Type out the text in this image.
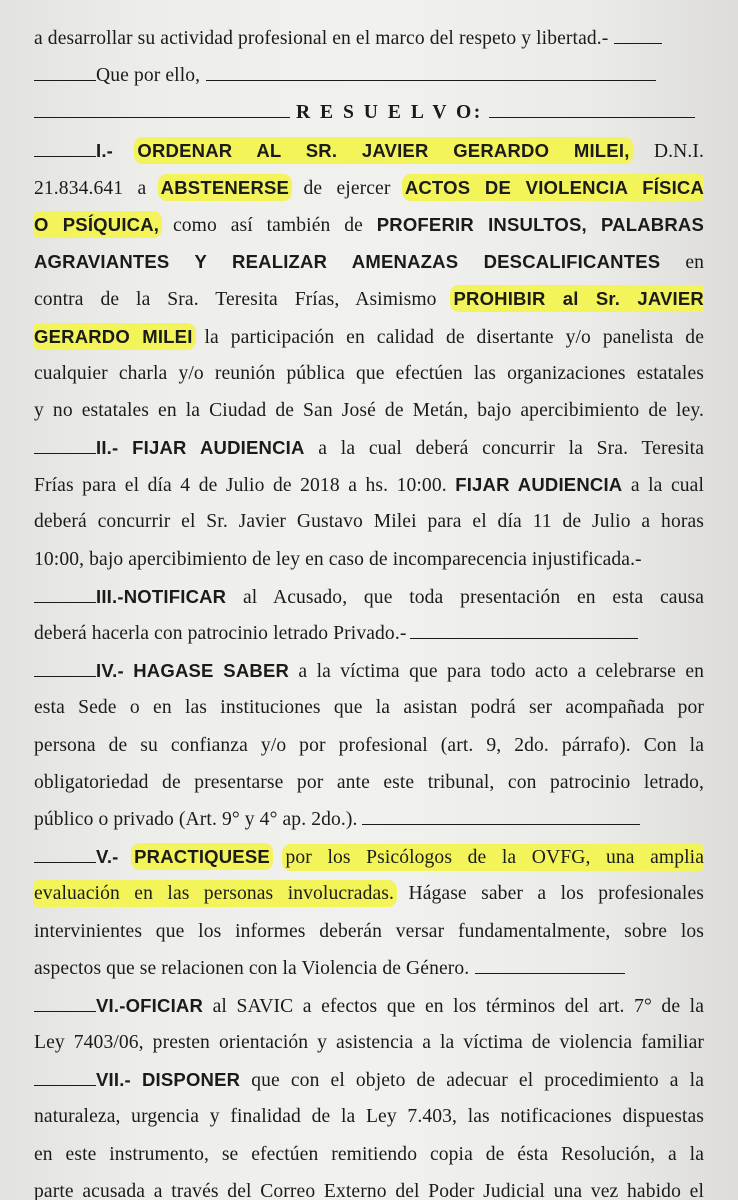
a desarrollar su actividad profesional en el marco del respeto y libertad.-
Que por ello,
R E S U E L V O:
I.- ORDENAR AL SR. JAVIER GERARDO MILEI, D.N.I.
21.834.641 a ABSTENERSE de ejercer ACTOS DE VIOLENCIA FÍSICA
O PSÍQUICA, como así también de PROFERIR INSULTOS, PALABRAS
AGRAVIANTES Y REALIZAR AMENAZAS DESCALIFICANTES en
contra de la Sra. Teresita Frías, Asimismo PROHIBIR al Sr. JAVIER
GERARDO MILEI la participación en calidad de disertante y/o panelista de
cualquier charla y/o reunión pública que efectúen las organizaciones estatales
y no estatales en la Ciudad de San José de Metán, bajo apercibimiento de ley.
II.- FIJAR AUDIENCIA a la cual deberá concurrir la Sra. Teresita
Frías para el día 4 de Julio de 2018 a hs. 10:00. FIJAR AUDIENCIA a la cual
deberá concurrir el Sr. Javier Gustavo Milei para el día 11 de Julio a horas
10:00, bajo apercibimiento de ley en caso de incomparecencia injustificada.-
III.-NOTIFICAR al Acusado, que toda presentación en esta causa
deberá hacerla con patrocinio letrado Privado.-
IV.- HAGASE SABER a la víctima que para todo acto a celebrarse en
esta Sede o en las instituciones que la asistan podrá ser acompañada por
persona de su confianza y/o por profesional (art. 9, 2do. párrafo). Con la
obligatoriedad de presentarse por ante este tribunal, con patrocinio letrado,
público o privado (Art. 9° y 4° ap. 2do.).
V.- PRACTIQUESE por los Psicólogos de la OVFG, una amplia
evaluación en las personas involucradas. Hágase saber a los profesionales
intervinientes que los informes deberán versar fundamentalmente, sobre los
aspectos que se relacionen con la Violencia de Género.
VI.-OFICIAR al SAVIC a efectos que en los términos del art. 7° de la
Ley 7403/06, presten orientación y asistencia a la víctima de violencia familiar
VII.- DISPONER que con el objeto de adecuar el procedimiento a la
naturaleza, urgencia y finalidad de la Ley 7.403, las notificaciones dispuestas
en este instrumento, se efectúen remitiendo copia de ésta Resolución, a la
parte acusada a través del Correo Externo del Poder Judicial una vez habido el
